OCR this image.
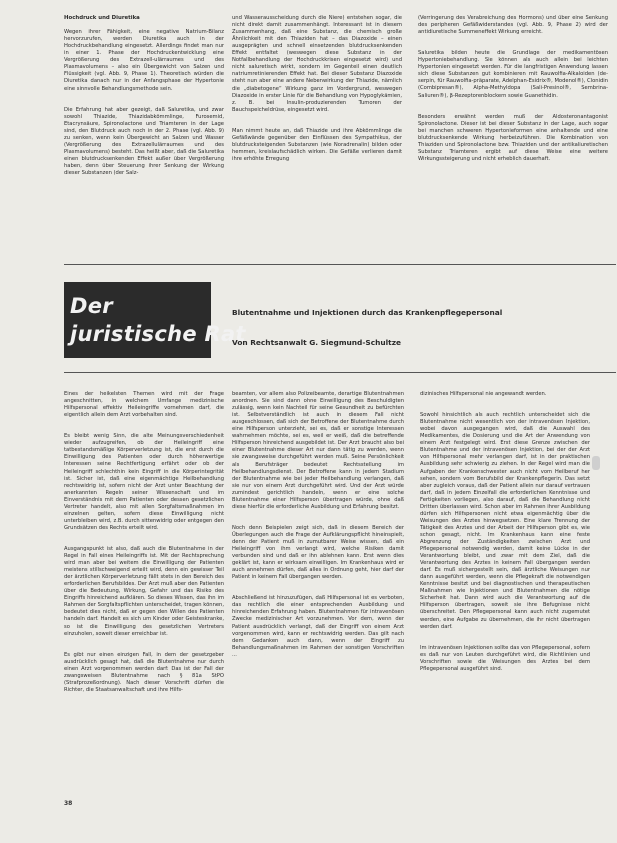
Hochdruck und Diuretika

Wegen ihrer Fähigkeit, eine negative Natrium-Bilanz hervorzurufen, werden Diuretika auch in der Hochdruckbehandlung eingesetzt. Allerdings findet man nur in einer 1. Phase der Hochdruckentwicklung eine Vergrößerung des Extrazell-ulärraumes und des Plasmavolumens – also ein Übergewicht von Salzen und Flüssigkeit (vgl. Abb. 9, Phase 1). Theoretisch würden die Diuretika danach nur in der Anfangsphase der Hypertonie eine sinnvolle Behandlungsmethode sein.

Die Erfahrung hat aber gezeigt, daß Saluretika, und zwar sowohl Thiazide, Thiazidabkömmlinge, Furosemid, Etacrynsäure, Spironolactone und Triamteren in der Lage sind, den Blutdruck auch noch in der 2. Phase (vgl. Abb. 9) zu senken, wenn kein Übergewicht an Salzen und Wasser (Vergrößerung des Extrazellulärraumes und des Plasmavolumens) besteht. Das heißt aber, daß die Saluretika einen blutdrucksenkenden Effekt außer über Vergrößerung haben, denn über Steuerung ihrer Senkung der Wirkung dieser Substanzen (der Salz-

und Wasserausscheidung durch die Niere) entstehen sogar, die nicht direkt damit zusammenhängt. Interessant ist in diesem Zusammenhang, daß eine Substanz, die chemisch große Ähnlichkeit mit den Thiaziden hat – das Diazoxide – einen ausgeprägten und schnell einsetzenden blutdrucksenkenden Effekt entfaltet (weswegen diese Substanz in der Notfallbehandlung der Hochdruckkrisen eingesetzt wird) und nicht saluretisch wirkt, sondern im Gegenteil einen deutlich natriumretinierenden Effekt hat. Bei dieser Substanz Diazoxide steht nun aber eine andere Nebenwirkung der Thiazide, nämlich die „diabetogene“ Wirkung ganz im Vordergrund, weswegen Diazoxide in erster Linie für die Behandlung von Hypoglykämien, z. B. bei Insulin-produzierenden Tumoren der Bauchspeicheldrüse, eingesetzt wird.

Man nimmt heute an, daß Thiazide und ihre Abkömmlinge die Gefäßwände gegenüber den Einflüssen des Sympathikus, der blutdrucksteigenden Substanzen (wie Noradrenalin) bilden oder hemmen, kreislaufschädlich wirken. Die Gefäße verlieren damit ihre erhöhte Erregung

(Verringerung des Verabreichung des Hormons) und über eine Senkung des peripheren Gefäßwiderstandes (vgl. Abb. 9, Phase 2) wird der antidiuretische Summeneffekt Wirkung erreicht.

Saluretika bilden heute die Grundlage der medikamentösen Hypertoniebehandlung. Sie können als auch allein bei leichten Hypertonien eingesetzt werden. Für die langfristigen Anwendung lassen sich diese Substanzen gut kombinieren mit Rauwolfia-Alkaloiden (de-serpin, für Rauwolfia-präparate, Adelphan-Esidrix®, Modenol®), Clonidin (Combipresan®), Alpha-Methyldopa (Sali-Presinol®, Sembrina-Saliuren®), β-Rezeptorenblockern sowie Guanethidin.

Besonders erwähnt werden muß der Aldosteronantagonist Spironolactone. Dieser ist bei dieser Substanz in der Lage, auch sogar bei manchen schweren Hypertonieformen eine anhaltende und eine blutdrucksenkende Wirkung herbeizuführen. Die Kombination von Thiaziden und Spironolactone bzw. Thiaziden und der antikaliuretischen Substanz Triamteren ergibt auf diese Weise eine weitere Wirkungssteigerung und nicht erheblich dauerhaft.

Der
juristische Rat
Blutentnahme und Injektionen durch das Krankenpflegepersonal
Von Rechtsanwalt G. Siegmund-Schultze

Eines der heikelsten Themen wird mit der Frage angeschnitten, in welchem Umfange medizinische Hilfspersonal effektiv Heileingriffe vornehmen darf, die eigentlich allein dem Arzt vorbehalten sind.

Es bleibt wenig Sinn, die alte Meinungsverschiedenheit wieder aufzugreifen, ob der Heileingriff eine tatbestandsmäßige Körperverletzung ist, die erst durch die Einwilligung des Patienten oder durch höherwertige Interessen seine Rechtfertigung erfährt oder ob der Heileingriff schlechthin kein Eingriff in die Körperintegrität ist. Sicher ist, daß eine eigenmächtige Heilbehandlung rechtswidrig ist, sofern nicht der Arzt unter Beachtung der anerkannten Regeln seiner Wissenschaft und im Einverständnis mit dem Patienten oder dessen gesetzlichen Vertreter handelt, also mit allen Sorgfaltsmaßnahmen im einzelnen gelten, sofern diese Einwilligung nicht unterbleiben wird, z.B. durch sittenwidrig oder entgegen den Grundsätzen des Rechts erteilt wird.

Ausgangspunkt ist also, daß auch die Blutentnahme in der Regel in Fall eines Heileingriffs ist. Mit der Rechtsprechung wird man aber bei weitem die Einwilligung der Patienten meistens stillschweigend erteilt wird, denn ein gewisser Teil der ärztlichen Körperverletzung fällt stets in den Bereich des erforderlichen Berufsbildes. Der Arzt muß aber den Patienten über die Bedeutung, Wirkung, Gefahr und das Risiko des Eingriffs hinreichend aufklären. So dieses Wissen, das ihn im Rahmen der Sorgfaltspflichten unterscheidet, tragen können, bedeutet dies nicht, daß er gegen den Willen des Patienten handeln darf. Handelt es sich um Kinder oder Geisteskranke, so ist die Einwilligung des gesetzlichen Vertreters einzuholen, soweit dieser erreichbar ist.

Es gibt nur einen einzigen Fall, in dem der gesetzgeber ausdrücklich gesagt hat, daß die Blutentnahme nur durch einen Arzt vorgenommen werden darf: Das ist der Fall der zwangsweisen Blutentnahme nach § 81a StPO (Strafprozeßordnung). Nach dieser Vorschrift dürfen die Richter, die Staatsanwaltschaft und ihre Hilfs-

beamten, vor allem also Polizeibeamte, derartige Blutentnahmen anordnen. Sie sind dann ohne Einwilligung des Beschuldigten zulässig, wenn kein Nachteil für seine Gesundheit zu befürchten ist. Selbstverständlich ist auch in diesem Fall nicht ausgeschlossen, daß sich der Betroffene der Blutentnahme durch eine Hilfsperson unterzieht, sei es, daß er sonstige Interessen wahrnehmen möchte, sei es, weil er weiß, daß die betreffende Hilfsperson hinreichend ausgebildet ist. Der Arzt braucht also bei einer Blutentnahme dieser Art nur dann tätig zu werden, wenn sie zwangsweise durchgeführt werden muß. Seine Persönlichkeit als Berufsträger bedeutet Rechtsstellung im Heilbehandlungsdienst. Der Betroffene kann in jedem Stadium der Blutentnahme wie bei jeder Heilbehandlung verlangen, daß sie nur von einem Arzt durchgeführt wird. Und der Arzt würde zumindest gerichtlich handeln, wenn er eine solche Blutentnahme einer Hilfsperson übertragen würde, ohne daß diese hierfür die erforderliche Ausbildung und Erfahrung besitzt.

Noch denn Beispielen zeigt sich, daß in diesem Bereich der Überlegungen auch die Frage der Aufklärungspflicht hineinspielt, denn der Patient muß in zumutbarer Weise wissen, daß ein Heileingriff von ihm verlangt wird, welche Risiken damit verbunden sind und daß er ihn ablehnen kann. Erst wenn dies geklärt ist, kann er wirksam einwilligen. Im Krankenhaus wird er auch annehmen dürfen, daß alles in Ordnung geht, hier darf der Patient in keinem Fall übergangen werden.

Abschließend ist hinzuzufügen, daß Hilfspersonal ist es verboten, das rechtlich die einer entsprechenden Ausbildung und hinreichenden Erfahrung haben. Blutentnahmen für intravenösen Zwecke medizinischer Art vorzunehmen. Vor dem, wenn der Patient ausdrücklich verlangt, daß der Eingriff von einem Arzt vorgenommen wird, kann er rechtswidrig werden. Das gilt nach dem Gedanken auch dann, wenn der Eingriff zu Behandlungsmaßnahmen im Rahmen der sonstigen Vorschriften ...

dizinisches Hilfspersonal nie angewandt werden.

Sowohl hinsichtlich als auch rechtlich unterscheidet sich die Blutentnahme nicht wesentlich von der intravenösen Injektion, wobei davon ausgegangen wird, daß die Auswahl des Medikamentes, die Dosierung und die Art der Anwendung von einem Arzt festgelegt wird. Erst diese Grenze zwischen der Blutentnahme und der intravenösen Injektion, bei der der Arzt von Hilfspersonal mehr verlangen darf, ist in der praktischen Ausbildung sehr schwierig zu ziehen. In der Regel wird man die Aufgaben der Krankenschwester auch nicht vom Heilberuf her sehen, sondern vom Berufsbild der Krankenpflegerin. Das setzt aber zugleich voraus, daß der Patient allein nur darauf vertrauen darf, daß in jedem Einzelfall die erforderlichen Kenntnisse und Fertigkeiten vorliegen, also darauf, daß die Behandlung nicht Dritten überlassen wird. Schon aber im Rahmen ihrer Ausbildung dürfen sich Hilfspersonen nicht etwa eigenmächtig über die Weisungen des Arztes hinwegsetzen. Eine klare Trennung der Tätigkeit des Arztes und der Arbeit der Hilfsperson gibt es, wie schon gesagt, nicht. Im Krankenhaus kann eine feste Abgrenzung der Zuständigkeiten zwischen Arzt und Pflegepersonal notwendig werden, damit keine Lücke in der Verantwortung bleibt, und zwar mit dem Ziel, daß die Verantwortung des Arztes in keinem Fall übergangen werden darf. Es muß sichergestellt sein, daß ärztliche Weisungen nur dann ausgeführt werden, wenn die Pflegekraft die notwendigen Kenntnisse besitzt und bei diagnostischen und therapeutischen Maßnahmen wie Injektionen und Blutentnahmen die nötige Sicherheit hat. Dann wird auch die Verantwortung auf die Hilfsperson übertragen, soweit sie ihre Befugnisse nicht überschreitet. Den Pflegepersonal kann auch nicht zugemutet werden, eine Aufgabe zu übernehmen, die ihr nicht übertragen werden darf.

Im intravenösen Injektionen sollte das von Pflegepersonal, sofern es daß nur von Leuten durchgeführt wird, die Richtlinien und Vorschriften sowie die Weisungen des Arztes bei dem Pflegepersonal ausgeführt sind.

38
